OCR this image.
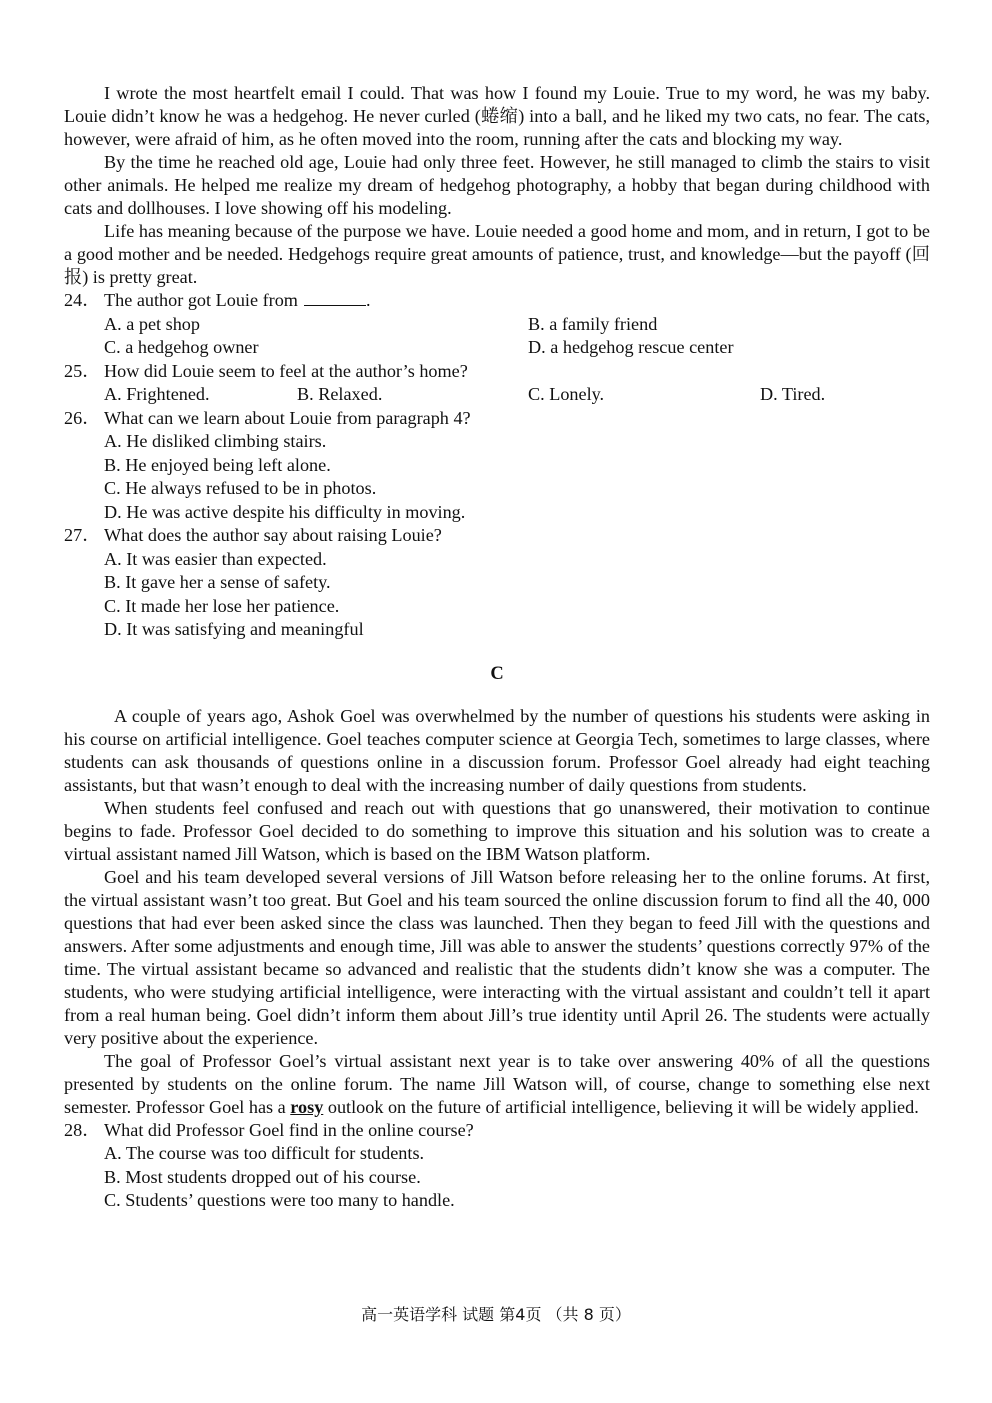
I wrote the most heartfelt email I could. That was how I found my Louie. True to my word, he was my baby. Louie didn’t know he was a hedgehog. He never curled (蜷缩) into a ball, and he liked my two cats, no fear. The cats, however, were afraid of him, as he often moved into the room, running after the cats and blocking my way.

By the time he reached old age, Louie had only three feet. However, he still managed to climb the stairs to visit other animals. He helped me realize my dream of hedgehog photography, a hobby that began during childhood with cats and dollhouses. I love showing off his modeling.

Life has meaning because of the purpose we have. Louie needed a good home and mom, and in return, I got to be a good mother and be needed. Hedgehogs require great amounts of patience, trust, and knowledge—but the payoff (回报) is pretty great.

24． The author got Louie from	.
A. a pet shop	B. a family friend
C. a hedgehog owner	D. a hedgehog rescue center
25． How did Louie seem to feel at the author’s home?
A. Frightened.	B. Relaxed.	C. Lonely.	D. Tired.
26． What can we learn about Louie from paragraph 4?
A. He disliked climbing stairs.
B. He enjoyed being left alone.
C. He always refused to be in photos.
D. He was active despite his difficulty in moving.
27． What does the author say about raising Louie?
A. It was easier than expected.
B. It gave her a sense of safety.
C. It made her lose her patience.
D. It was satisfying and meaningful
C

A couple of years ago, Ashok Goel was overwhelmed by the number of questions his students were asking in his course on artificial intelligence. Goel teaches computer science at Georgia Tech, sometimes to large classes, where students can ask thousands of questions online in a discussion forum. Professor Goel already had eight teaching assistants, but that wasn’t enough to deal with the increasing number of daily questions from students.

When students feel confused and reach out with questions that go unanswered, their motivation to continue begins to fade. Professor Goel decided to do something to improve this situation and his solution was to create a virtual assistant named Jill Watson, which is based on the IBM Watson platform.

Goel and his team developed several versions of Jill Watson before releasing her to the online forums. At first, the virtual assistant wasn’t too great. But Goel and his team sourced the online discussion forum to find all the 40, 000 questions that had ever been asked since the class was launched. Then they began to feed Jill with the questions and answers. After some adjustments and enough time, Jill was able to answer the students’ questions correctly 97% of the time. The virtual assistant became so advanced and realistic that the students didn’t know she was a computer. The students, who were studying artificial intelligence, were interacting with the virtual assistant and couldn’t tell it apart from a real human being. Goel didn’t inform them about Jill’s true identity until April 26. The students were actually very positive about the experience.

The goal of Professor Goel’s virtual assistant next year is to take over answering 40% of all the questions presented by students on the online forum. The name Jill Watson will, of course, change to something else next semester. Professor Goel has a rosy outlook on the future of artificial intelligence, believing it will be widely applied.

28． What did Professor Goel find in the online course?
A. The course was too difficult for students.
B. Most students dropped out of his course.
C. Students’ questions were too many to handle.
高一英语学科 试题 第4页 （共 8 页）
